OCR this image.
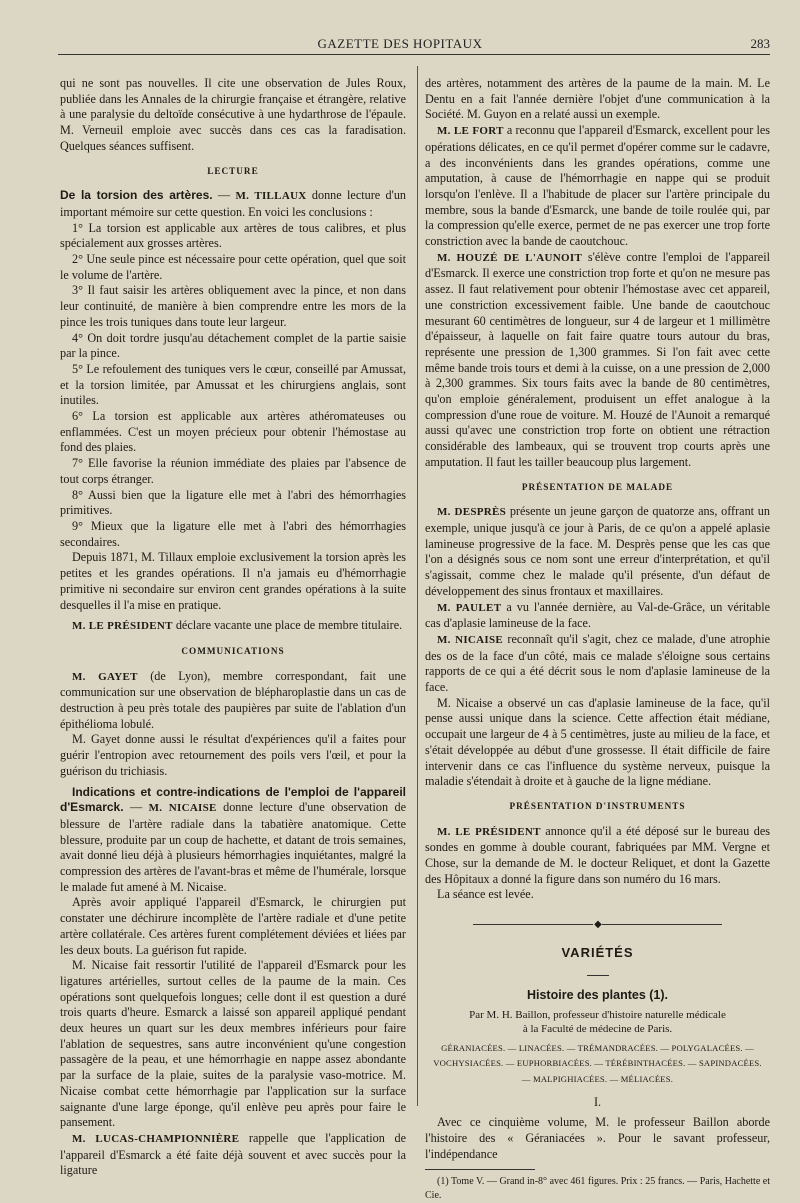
GAZETTE DES HOPITAUX	283

qui ne sont pas nouvelles. Il cite une observation de Jules Roux, publiée dans les Annales de la chirurgie française et étrangère, relative à une paralysie du deltoïde consécutive à une hydarthrose de l'épaule. M. Verneuil emploie avec succès dans ces cas la faradisation. Quelques séances suffisent.

LECTURE

De la torsion des artères. — M. TILLAUX donne lecture d'un important mémoire sur cette question. En voici les conclusions :

1° La torsion est applicable aux artères de tous calibres, et plus spécialement aux grosses artères.

2° Une seule pince est nécessaire pour cette opération, quel que soit le volume de l'artère.

3° Il faut saisir les artères obliquement avec la pince, et non dans leur continuité, de manière à bien comprendre entre les mors de la pince les trois tuniques dans toute leur largeur.

4° On doit tordre jusqu'au détachement complet de la partie saisie par la pince.

5° Le refoulement des tuniques vers le cœur, conseillé par Amussat, et la torsion limitée, par Amussat et les chirurgiens anglais, sont inutiles.

6° La torsion est applicable aux artères athéromateuses ou enflammées. C'est un moyen précieux pour obtenir l'hémostase au fond des plaies.

7° Elle favorise la réunion immédiate des plaies par l'absence de tout corps étranger.

8° Aussi bien que la ligature elle met à l'abri des hémorrhagies primitives.

9° Mieux que la ligature elle met à l'abri des hémorrhagies secondaires.

Depuis 1871, M. Tillaux emploie exclusivement la torsion après les petites et les grandes opérations. Il n'a jamais eu d'hémorrhagie primitive ni secondaire sur environ cent grandes opérations à la suite desquelles il l'a mise en pratique.

M. LE PRÉSIDENT déclare vacante une place de membre titulaire.

COMMUNICATIONS

M. GAYET (de Lyon), membre correspondant, fait une communication sur une observation de blépharoplastie dans un cas de destruction à peu près totale des paupières par suite de l'ablation d'un épithélioma lobulé.

M. Gayet donne aussi le résultat d'expériences qu'il a faites pour guérir l'entropion avec retournement des poils vers l'œil, et pour la guérison du trichiasis.

Indications et contre-indications de l'emploi de l'appareil d'Esmarck. — M. NICAISE donne lecture d'une observation de blessure de l'artère radiale dans la tabatière anatomique. Cette blessure, produite par un coup de hachette, et datant de trois semaines, avait donné lieu déjà à plusieurs hémorrhagies inquiétantes, malgré la compression des artères de l'avant-bras et même de l'humérale, lorsque le malade fut amené à M. Nicaise.

Après avoir appliqué l'appareil d'Esmarck, le chirurgien put constater une déchirure incomplète de l'artère radiale et d'une petite artère collatérale. Ces artères furent complétement déviées et liées par les deux bouts. La guérison fut rapide.

M. Nicaise fait ressortir l'utilité de l'appareil d'Esmarck pour les ligatures artérielles, surtout celles de la paume de la main. Ces opérations sont quelquefois longues; celle dont il est question a duré trois quarts d'heure. Esmarck a laissé son appareil appliqué pendant deux heures un quart sur les deux membres inférieurs pour faire l'ablation de sequestres, sans autre inconvénient qu'une congestion passagère de la peau, et une hémorrhagie en nappe assez abondante par la surface de la plaie, suites de la paralysie vaso-motrice. M. Nicaise combat cette hémorrhagie par l'application sur la surface saignante d'une large éponge, qu'il enlève peu après pour faire le pansement.

M. LUCAS-CHAMPIONNIÈRE rappelle que l'application de l'appareil d'Esmarck a été faite déjà souvent et avec succès pour la ligature

des artères, notamment des artères de la paume de la main. M. Le Dentu en a fait l'année dernière l'objet d'une communication à la Société. M. Guyon en a relaté aussi un exemple.

M. LE FORT a reconnu que l'appareil d'Esmarck, excellent pour les opérations délicates, en ce qu'il permet d'opérer comme sur le cadavre, a des inconvénients dans les grandes opérations, comme une amputation, à cause de l'hémorrhagie en nappe qui se produit lorsqu'on l'enlève. Il a l'habitude de placer sur l'artère principale du membre, sous la bande d'Esmarck, une bande de toile roulée qui, par la compression qu'elle exerce, permet de ne pas exercer une trop forte constriction avec la bande de caoutchouc.

M. HOUZÉ DE L'AUNOIT s'élève contre l'emploi de l'appareil d'Esmarck. Il exerce une constriction trop forte et qu'on ne mesure pas assez. Il faut relativement pour obtenir l'hémostase avec cet appareil, une constriction excessivement faible. Une bande de caoutchouc mesurant 60 centimètres de longueur, sur 4 de largeur et 1 millimètre d'épaisseur, à laquelle on fait faire quatre tours autour du bras, représente une pression de 1,300 grammes. Si l'on fait avec cette même bande trois tours et demi à la cuisse, on a une pression de 2,000 à 2,300 grammes. Six tours faits avec la bande de 80 centimètres, qu'on emploie généralement, produisent un effet analogue à la compression d'une roue de voiture. M. Houzé de l'Aunoit a remarqué aussi qu'avec une constriction trop forte on obtient une rétraction considérable des lambeaux, qui se trouvent trop courts après une amputation. Il faut les tailler beaucoup plus largement.

PRÉSENTATION DE MALADE

M. DESPRÈS présente un jeune garçon de quatorze ans, offrant un exemple, unique jusqu'à ce jour à Paris, de ce qu'on a appelé aplasie lamineuse progressive de la face. M. Desprès pense que les cas que l'on a désignés sous ce nom sont une erreur d'interprétation, et qu'il s'agissait, comme chez le malade qu'il présente, d'un défaut de développement des sinus frontaux et maxillaires.

M. PAULET a vu l'année dernière, au Val-de-Grâce, un véritable cas d'aplasie lamineuse de la face.

M. NICAISE reconnaît qu'il s'agit, chez ce malade, d'une atrophie des os de la face d'un côté, mais ce malade s'éloigne sous certains rapports de ce qui a été décrit sous le nom d'aplasie lamineuse de la face.

M. Nicaise a observé un cas d'aplasie lamineuse de la face, qu'il pense aussi unique dans la science. Cette affection était médiane, occupait une largeur de 4 à 5 centimètres, juste au milieu de la face, et s'était développée au début d'une grossesse. Il était difficile de faire intervenir dans ce cas l'influence du système nerveux, puisque la maladie s'étendait à droite et à gauche de la ligne médiane.

PRÉSENTATION D'INSTRUMENTS

M. LE PRÉSIDENT annonce qu'il a été déposé sur le bureau des sondes en gomme à double courant, fabriquées par MM. Vergne et Chose, sur la demande de M. le docteur Reliquet, et dont la Gazette des Hôpitaux a donné la figure dans son numéro du 16 mars.

La séance est levée.

◆
VARIÉTÉS
Histoire des plantes (1).

Par M. H. Baillon, professeur d'histoire naturelle médicale

à la Faculté de médecine de Paris.

GÉRANIACÉES. — LINACÉES. — TRÉMANDRACÉES. — POLYGALACÉES. —
VOCHYSIACÉES. — EUPHORBIACÉES. — TÉRÉBINTHACÉES. — SAPINDACÉES.
— MALPIGHIACÉES. — MÉLIACÉES.
I.

Avec ce cinquième volume, M. le professeur Baillon aborde l'histoire des « Géraniacées ». Pour le savant professeur, l'indépendance

(1) Tome V. — Grand in-8° avec 461 figures. Prix : 25 francs. — Paris, Hachette et Cie.
